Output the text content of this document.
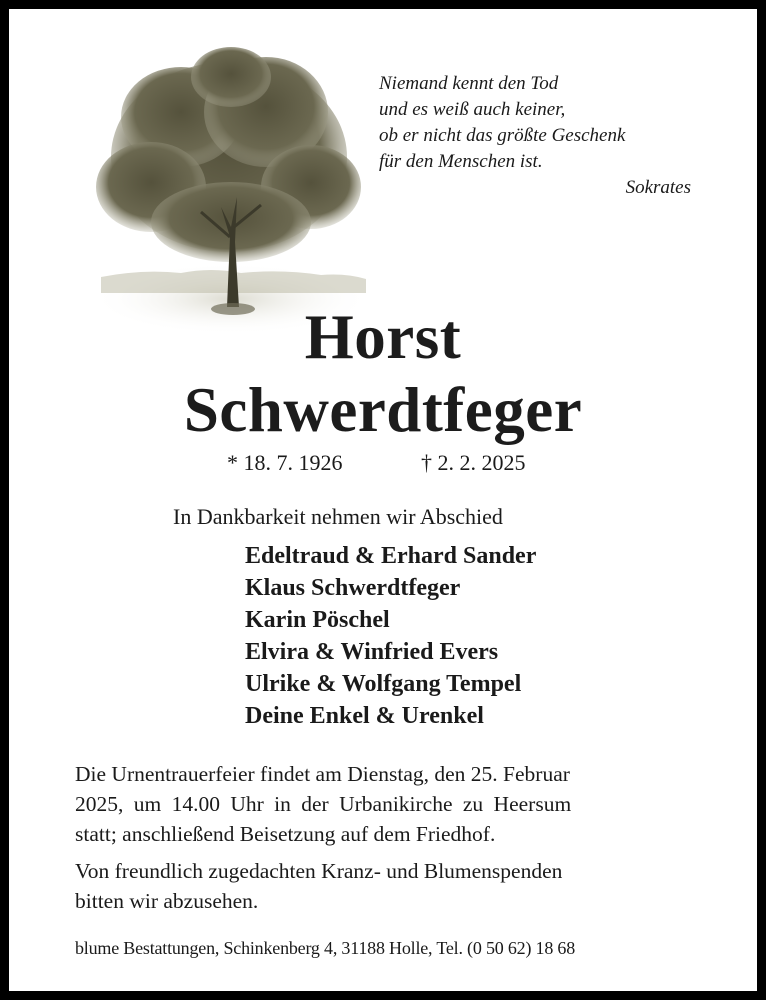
Niemand kennt den Tod
und es weiß auch keiner,
ob er nicht das größte Geschenk
für den Menschen ist.
Sokrates
Horst
Schwerdtfeger
* 18. 7. 1926	† 2. 2. 2025
In Dankbarkeit nehmen wir Abschied
Edeltraud & Erhard Sander
Klaus Schwerdtfeger
Karin Pöschel
Elvira & Winfried Evers
Ulrike & Wolfgang Tempel
Deine Enkel & Urenkel
Die Urnentrauerfeier findet am Dienstag, den 25. Februar
2025, um 14.00 Uhr in der Urbanikirche zu Heersum
statt; anschließend Beisetzung auf dem Friedhof.
Von freundlich zugedachten Kranz- und Blumenspenden
bitten wir abzusehen.
blume Bestattungen, Schinkenberg 4, 31188 Holle, Tel. (0 50 62) 18 68
